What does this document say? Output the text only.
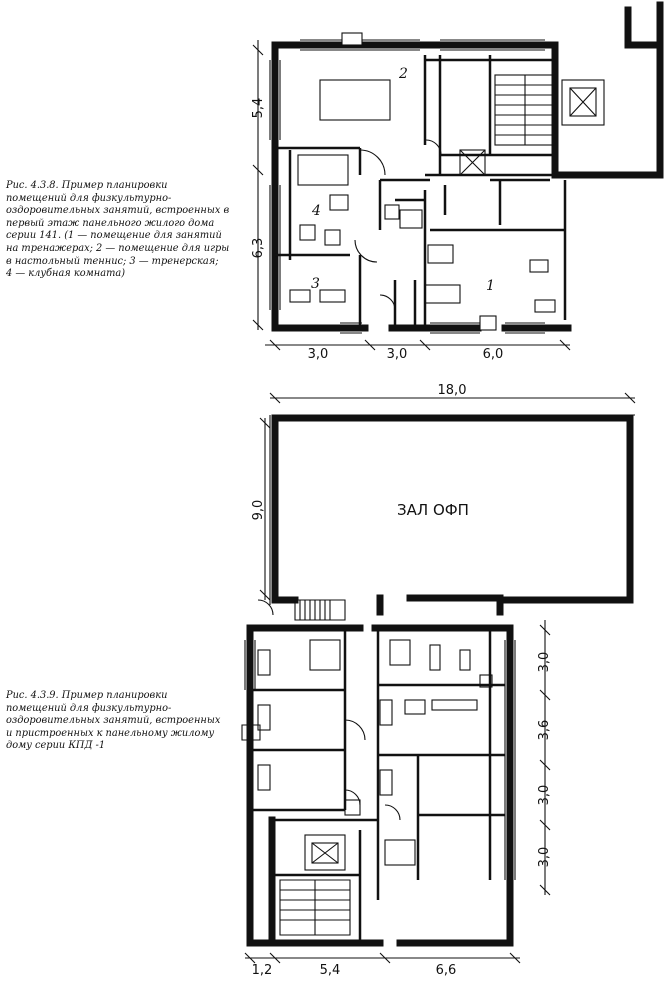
Рис. 4.3.8. Пример планировки
помещений для физкультурно-
оздоровительных занятий, встроенных в
первый этаж панельного жилого дома
серии 141. (1 — помещение для занятий
на тренажерах; 2 — помещение для игры
в настольный теннис; 3 — тренерская;
4 — клубная комната)
Рис. 4.3.9. Пример планировки
помещений для физкультурно-
оздоровительных занятий, встроенных
и пристроенных к панельному жилому
дому серии КПД -1
2
4
3	1
3,0	3,0	6,0
5,4
6,3
18,0
9,0
3,0
3,6
3,0
3,0
1,2	5,4	6,6
ЗАЛ ОФП
